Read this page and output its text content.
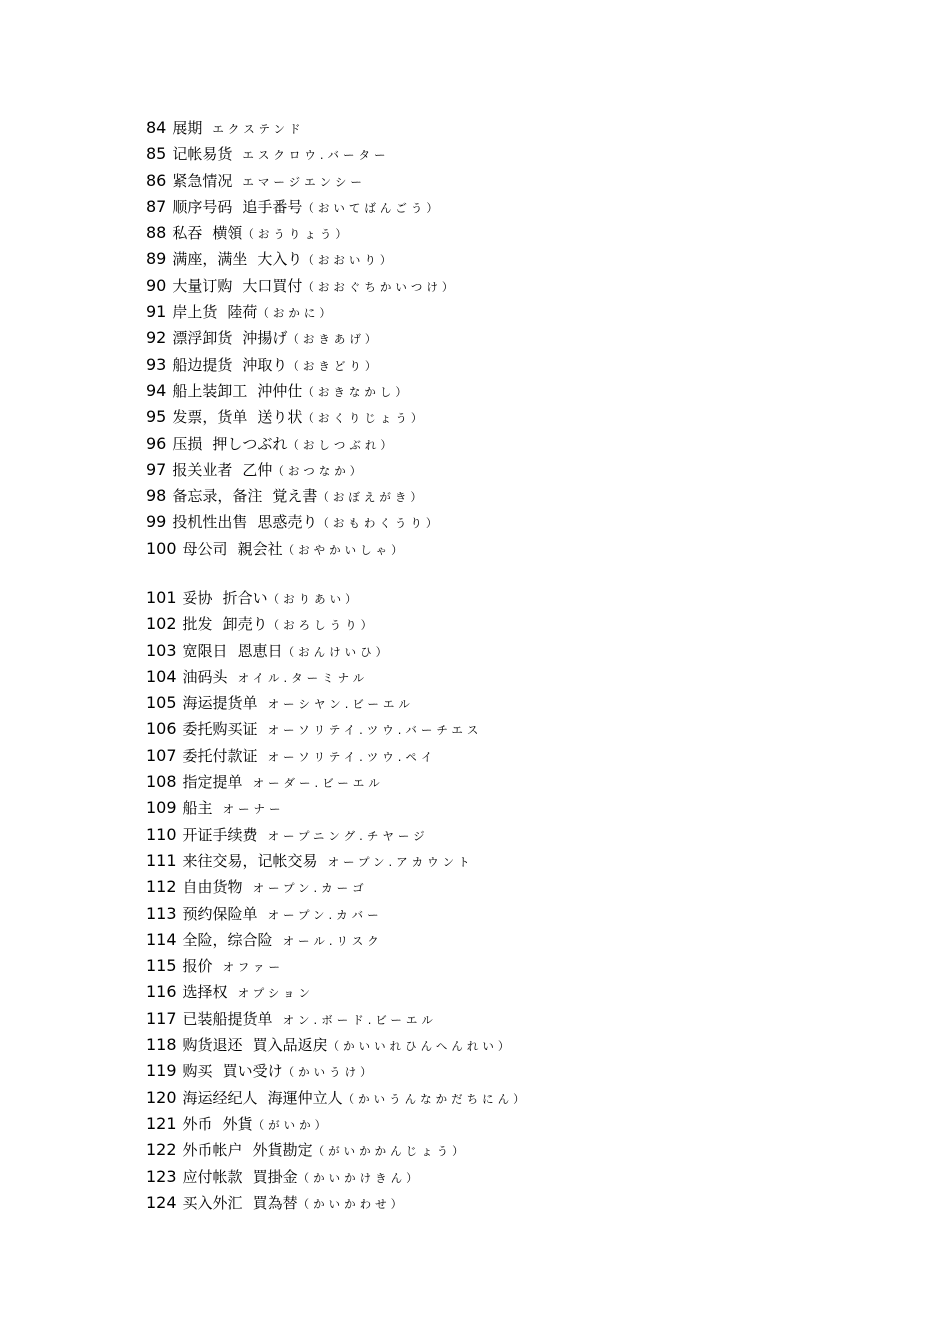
84 展期 エクステンド
85 记帐易货 エスクロウ.バーター
86 紧急情况 エマージエンシー
87 顺序号码 追手番号（おいてばんごう）
88 私吞 横領（おうりょう）
89 满座，满坐 大入り（おおいり）
90 大量订购 大口買付（おおぐちかいつけ）
91 岸上货 陸荷（おかに）
92 漂浮卸货 沖揚げ（おきあげ）
93 船边提货 沖取り（おきどり）
94 船上装卸工 沖仲仕（おきなかし）
95 发票，货单 送り状（おくりじょう）
96 压损 押しつぶれ（おしつぶれ）
97 报关业者 乙仲（おつなか）
98 备忘录，备注 覚え書（おぼえがき）
99 投机性出售 思惑売り（おもわくうり）
100 母公司 親会社（おやかいしゃ）
101 妥协 折合い（おりあい）
102 批发 卸売り（おろしうり）
103 宽限日 恩恵日（おんけいひ）
104 油码头 オイル.ターミナル
105 海运提货单 オーシヤン.ビーエル
106 委托购买证 オーソリテイ.ツウ.バーチエス
107 委托付款证 オーソリテイ.ツウ.ペイ
108 指定提单 オーダー.ビーエル
109 船主 オーナー
110 开证手续费 オープニング.チヤージ
111 来往交易，记帐交易 オープン.アカウント
112 自由货物 オープン.カーゴ
113 预约保险单 オープン.カバー
114 全险，综合险 オール.リスク
115 报价 オファー
116 选择权 オプション
117 已装船提货单 オン.ボード.ビーエル
118 购货退还 買入品返戻（かいいれひんへんれい）
119 购买 買い受け（かいうけ）
120 海运经纪人 海運仲立人（かいうんなかだちにん）
121 外币 外貨（がいか）
122 外币帐户 外貨勘定（がいかかんじょう）
123 应付帐款 買掛金（かいかけきん）
124 买入外汇 買為替（かいかわせ）
